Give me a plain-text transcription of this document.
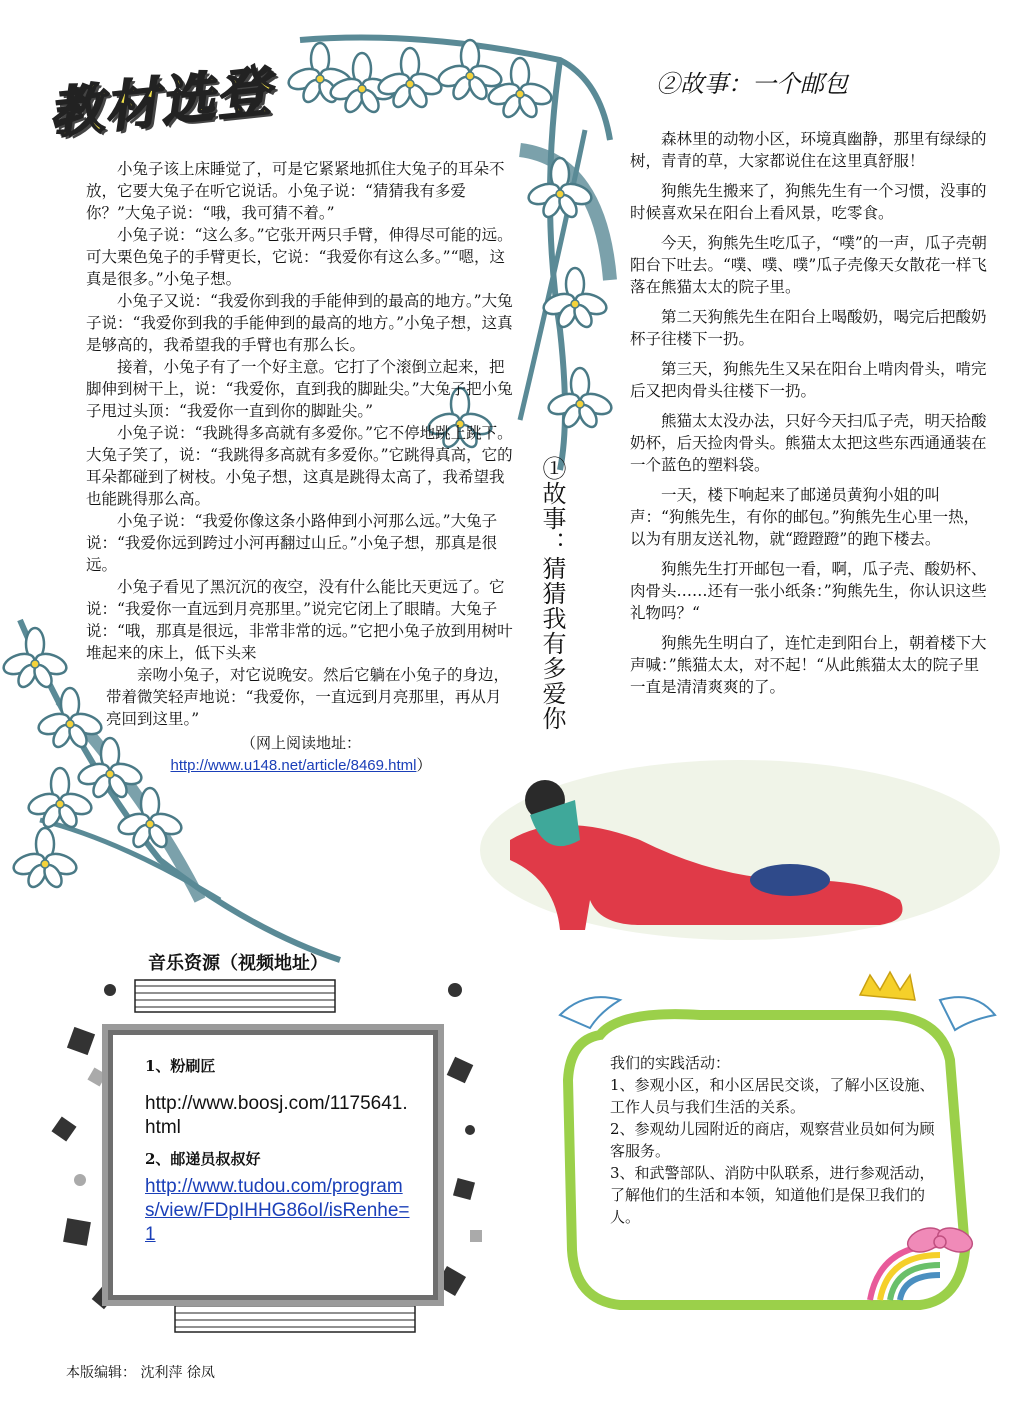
教材选登	②故事：一个邮包

小兔子该上床睡觉了，可是它紧紧地抓住大兔子的耳朵不放，它要大兔子在听它说话。小兔子说：“猜猜我有多爱你？”大兔子说：“哦，我可猜不着。”

小兔子说：“这么多。”它张开两只手臂，伸得尽可能的远。可大栗色兔子的手臂更长，它说：“我爱你有这么多。”“嗯，这真是很多。”小兔子想。

小兔子又说：“我爱你到我的手能伸到的最高的地方。”大兔子说：“我爱你到我的手能伸到的最高的地方。”小兔子想，这真是够高的，我希望我的手臂也有那么长。

接着，小兔子有了一个好主意。它打了个滚倒立起来，把脚伸到树干上，说：“我爱你，直到我的脚趾尖。”大兔子把小兔子甩过头顶：“我爱你一直到你的脚趾尖。”

小兔子说：“我跳得多高就有多爱你。”它不停地跳上跳下。大兔子笑了，说：“我跳得多高就有多爱你。”它跳得真高，它的耳朵都碰到了树枝。小兔子想，这真是跳得太高了，我希望我也能跳得那么高。

小兔子说：“我爱你像这条小路伸到小河那么远。”大兔子说：“我爱你远到跨过小河再翻过山丘。”小兔子想，那真是很远。

小兔子看见了黑沉沉的夜空，没有什么能比天更远了。它说：“我爱你一直远到月亮那里。”说完它闭上了眼睛。大兔子说：“哦，那真是很远，非常非常的远。”它把小兔子放到用树叶堆起来的床上，低下头来

亲吻小兔子，对它说晚安。然后它躺在小兔子的身边，带着微笑轻声地说：“我爱你，一直远到月亮那里，再从月亮回到这里。”

（网上阅读地址：
http://www.u148.net/article/8469.html）
①故事：猜猜我有多爱你

森林里的动物小区，环境真幽静，那里有绿绿的树，青青的草，大家都说住在这里真舒服！

狗熊先生搬来了，狗熊先生有一个习惯，没事的时候喜欢呆在阳台上看风景，吃零食。

今天，狗熊先生吃瓜子，“噗”的一声，瓜子壳朝阳台下吐去。“噗、噗、噗”瓜子壳像天女散花一样飞落在熊猫太太的院子里。

第二天狗熊先生在阳台上喝酸奶，喝完后把酸奶杯子往楼下一扔。

第三天，狗熊先生又呆在阳台上啃肉骨头，啃完后又把肉骨头往楼下一扔。

熊猫太太没办法，只好今天扫瓜子壳，明天拾酸奶杯，后天捡肉骨头。熊猫太太把这些东西通通装在一个蓝色的塑料袋。

一天，楼下响起来了邮递员黄狗小姐的叫声：“狗熊先生，有你的邮包。”狗熊先生心里一热，以为有朋友送礼物，就“蹬蹬蹬”的跑下楼去。

狗熊先生打开邮包一看，啊，瓜子壳、酸奶杯、肉骨头……还有一张小纸条：”狗熊先生，你认识这些礼物吗？“

狗熊先生明白了，连忙走到阳台上，朝着楼下大声喊：”熊猫太太，对不起！“从此熊猫太太的院子里一直是清清爽爽的了。

音乐资源（视频地址）
1、粉刷匠
http://www.boosj.com/1175641.html
2、邮递员叔叔好
http://www.tudou.com/programs/view/FDpIHHG86oI/isRenhe=1
我们的实践活动：
1、参观小区，和小区居民交谈，了解小区设施、工作人员与我们生活的关系。
2、参观幼儿园附近的商店，观察营业员如何为顾客服务。
3、和武警部队、消防中队联系，进行参观活动，了解他们的生活和本领，知道他们是保卫我们的人。
本版编辑： 沈利萍 徐凤
